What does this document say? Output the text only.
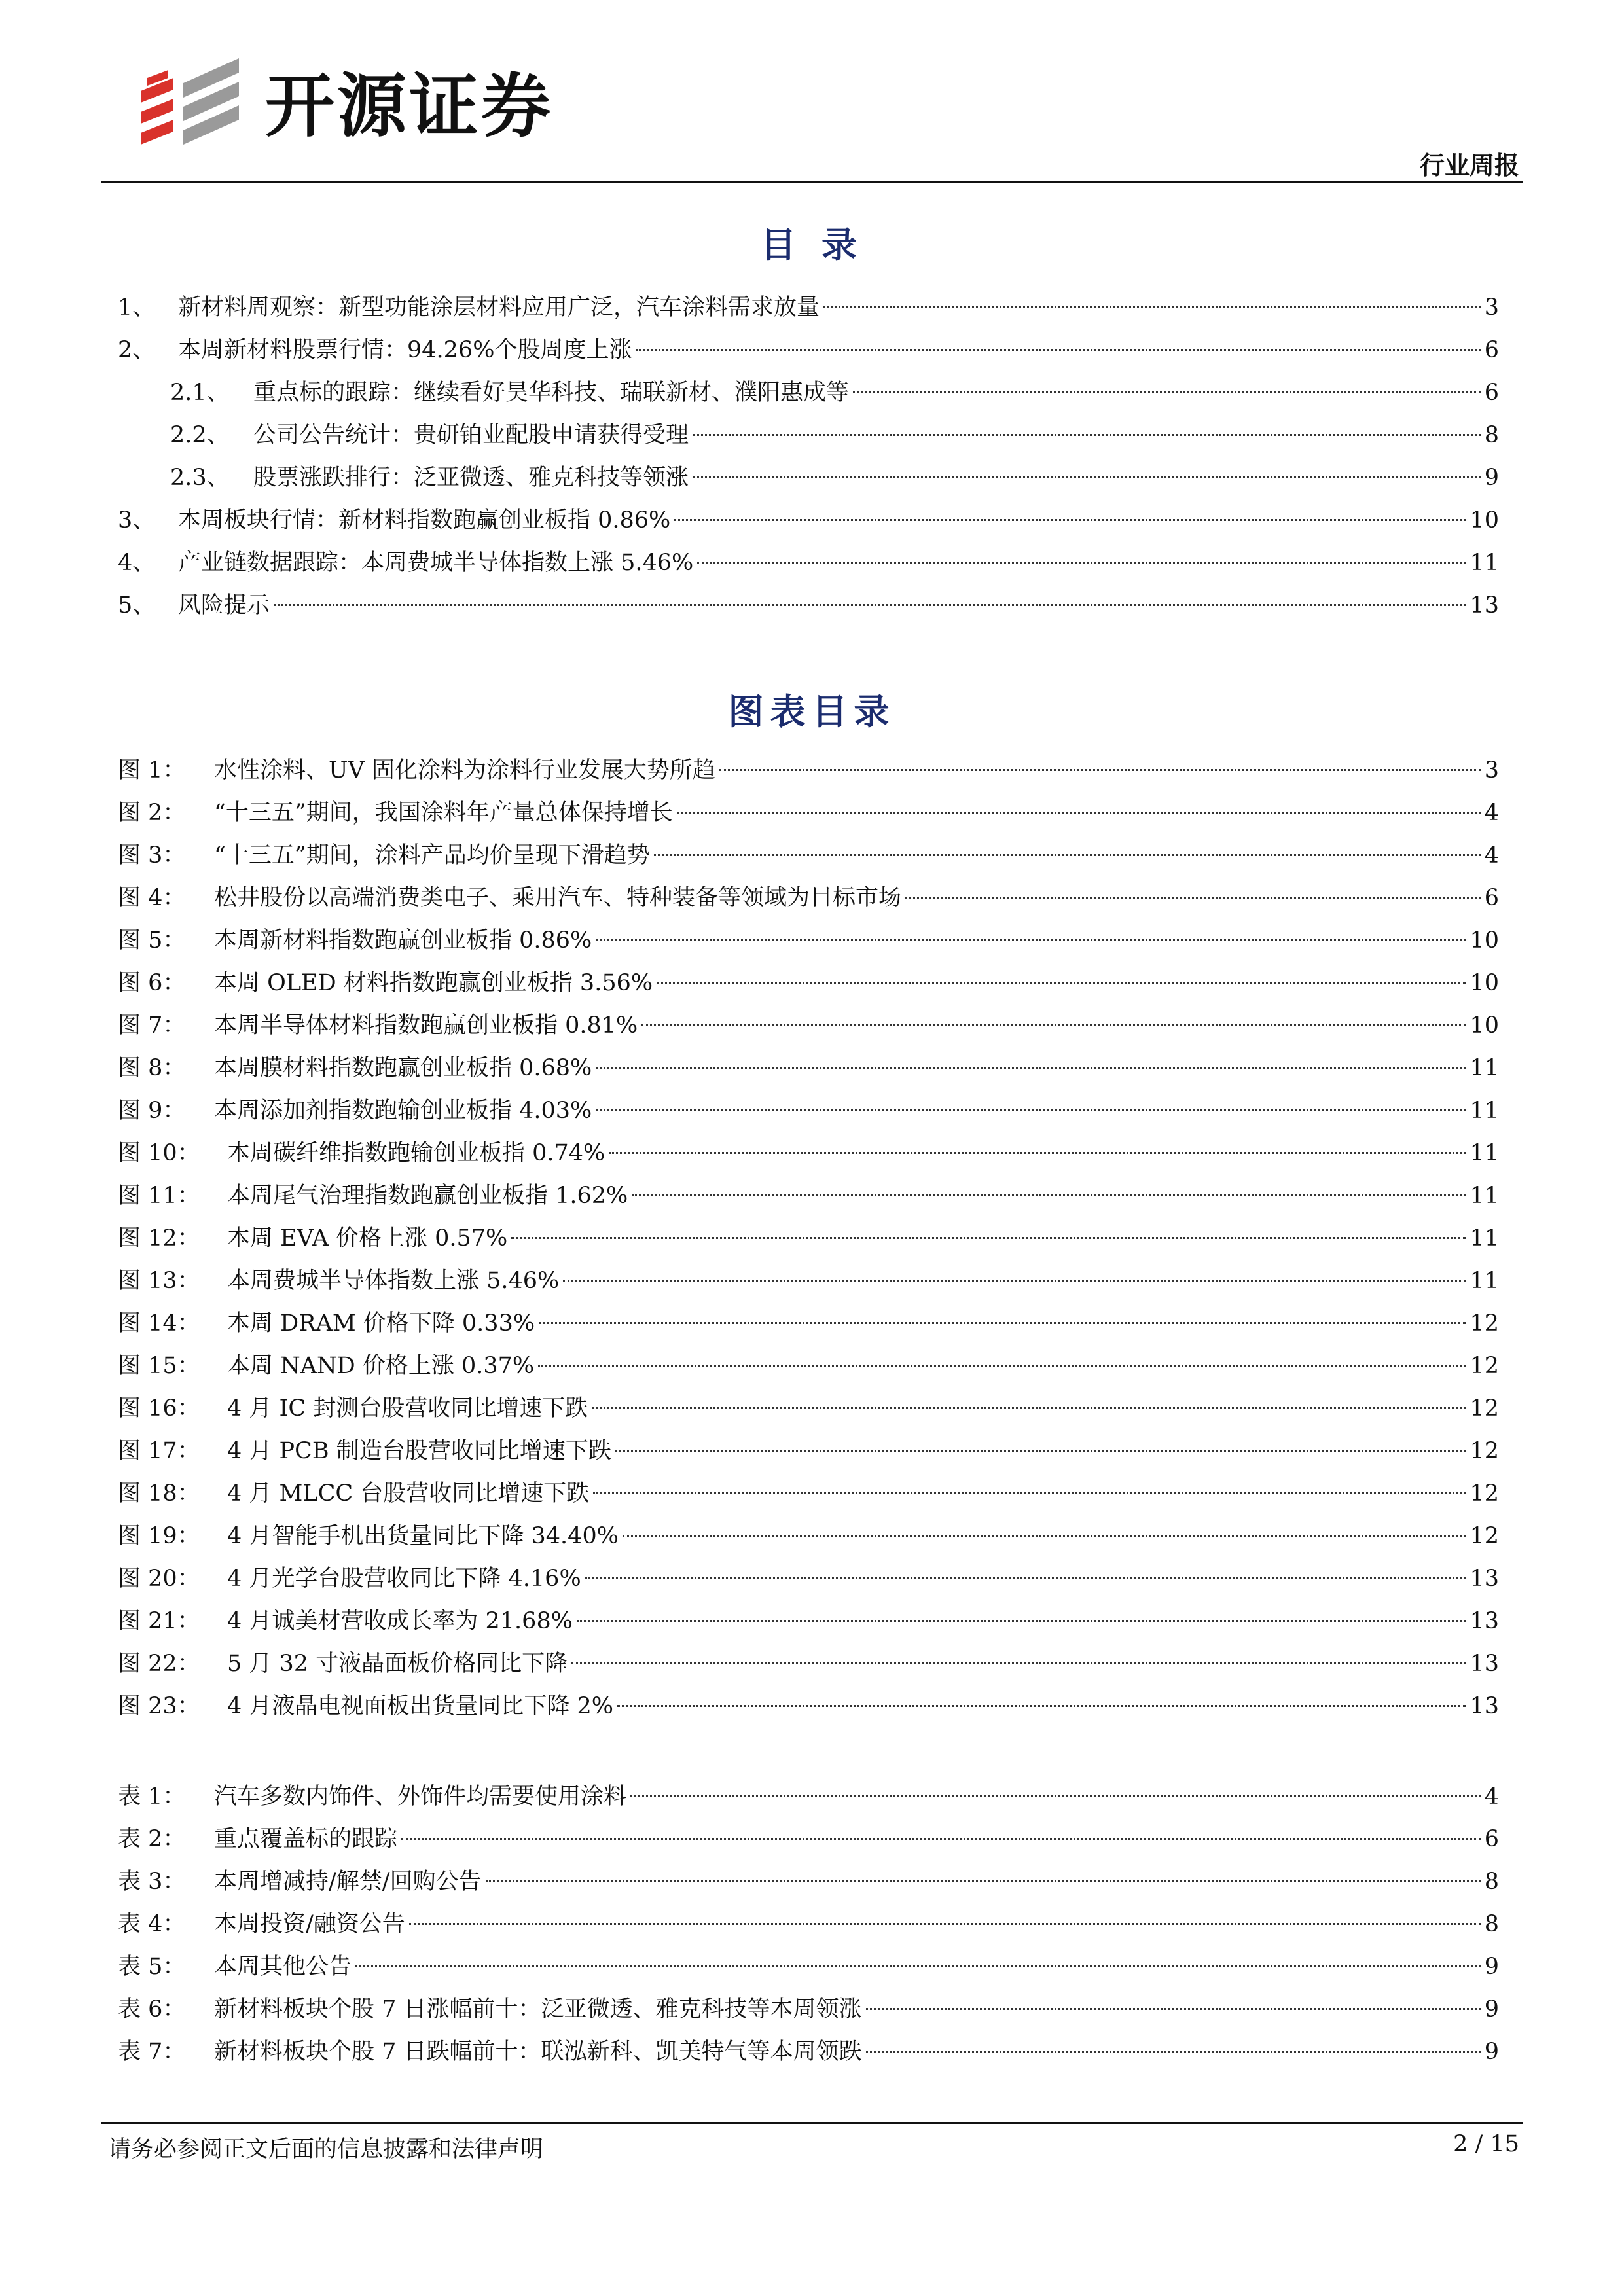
开源证券
行业周报
目 录
1、 新材料周观察：新型功能涂层材料应用广泛，汽车涂料需求放量	3
2、 本周新材料股票行情：94.26%个股周度上涨	6
2.1、	重点标的跟踪：继续看好昊华科技、瑞联新材、濮阳惠成等	6
2.2、	公司公告统计：贵研铂业配股申请获得受理	8
2.3、	股票涨跌排行：泛亚微透、雅克科技等领涨	9
3、 本周板块行情：新材料指数跑赢创业板指 0.86%	10
4、 产业链数据跟踪：本周费城半导体指数上涨 5.46%	11
5、 风险提示	13
图表目录
图 1：	水性涂料、UV 固化涂料为涂料行业发展大势所趋	3
图 2：	“十三五”期间，我国涂料年产量总体保持增长	4
图 3：	“十三五”期间，涂料产品均价呈现下滑趋势	4
图 4：	松井股份以高端消费类电子、乘用汽车、特种装备等领域为目标市场	6
图 5：	本周新材料指数跑赢创业板指 0.86%	10
图 6：	本周 OLED 材料指数跑赢创业板指 3.56%	10
图 7：	本周半导体材料指数跑赢创业板指 0.81%	10
图 8：	本周膜材料指数跑赢创业板指 0.68%	11
图 9：	本周添加剂指数跑输创业板指 4.03%	11
图 10：	本周碳纤维指数跑输创业板指 0.74%	11
图 11：	本周尾气治理指数跑赢创业板指 1.62%	11
图 12：	本周 EVA 价格上涨 0.57%	11
图 13：	本周费城半导体指数上涨 5.46%	11
图 14：	本周 DRAM 价格下降 0.33%	12
图 15：	本周 NAND 价格上涨 0.37%	12
图 16：	4 月 IC 封测台股营收同比增速下跌	12
图 17：	4 月 PCB 制造台股营收同比增速下跌	12
图 18：	4 月 MLCC 台股营收同比增速下跌	12
图 19：	4 月智能手机出货量同比下降 34.40%	12
图 20：	4 月光学台股营收同比下降 4.16%	13
图 21：	4 月诚美材营收成长率为 21.68%	13
图 22：	5 月 32 寸液晶面板价格同比下降	13
图 23：	4 月液晶电视面板出货量同比下降 2%	13
表 1：	汽车多数内饰件、外饰件均需要使用涂料	4
表 2：	重点覆盖标的跟踪	6
表 3：	本周增减持/解禁/回购公告	8
表 4：	本周投资/融资公告	8
表 5：	本周其他公告	9
表 6：	新材料板块个股 7 日涨幅前十：泛亚微透、雅克科技等本周领涨	9
表 7：	新材料板块个股 7 日跌幅前十：联泓新科、凯美特气等本周领跌	9
请务必参阅正文后面的信息披露和法律声明	2 / 15
